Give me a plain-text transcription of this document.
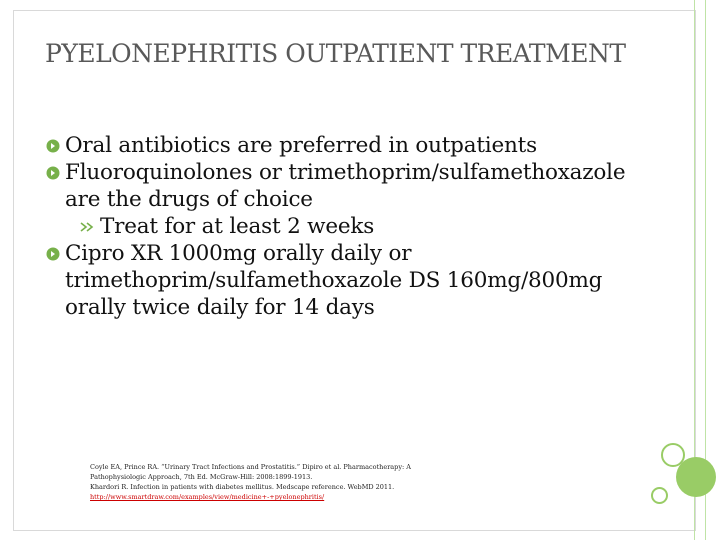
PYELONEPHRITIS OUTPATIENT TREATMENT
Oral antibiotics are preferred in outpatients
Fluoroquinolones or trimethoprim/sulfamethoxazole are the drugs of choice
Treat for at least 2 weeks
Cipro XR 1000mg orally daily or trimethoprim/sulfamethoxazole DS 160mg/800mg orally twice daily for 14 days
Coyle EA, Prince RA. “Urinary Tract Infections and Prostatitis.” Dipiro et al. Pharmacotherapy: A
Pathophysiologic Approach, 7th Ed. McGraw-Hill: 2008:1899-1913.
Khardori R. Infection in patients with diabetes mellitus. Medscape reference. WebMD 2011.
http://www.smartdraw.com/examples/view/medicine+-+pyelonephritis/
